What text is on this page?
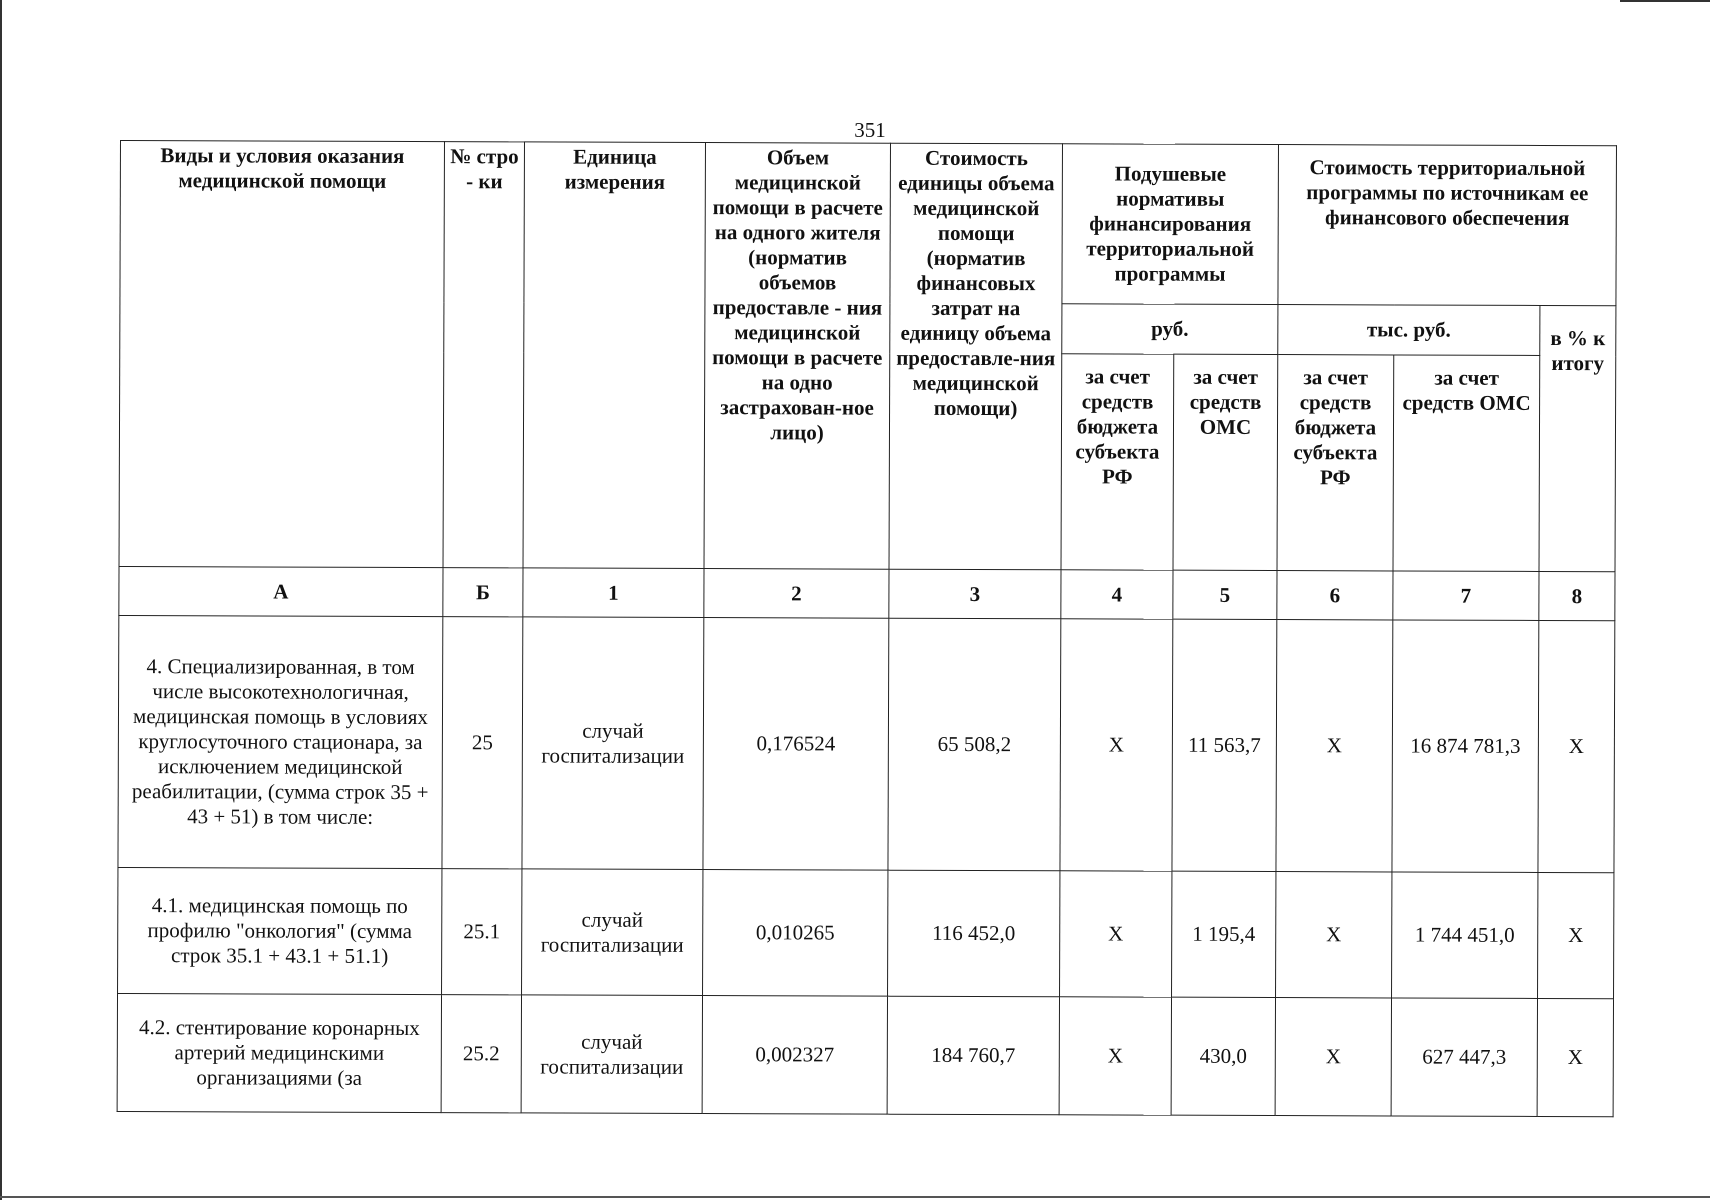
351
Виды и условия оказания медицинской помощи	№ стро - ки	Единица измерения	Объем медицинской помощи в расчете на одного жителя (норматив объемов предоставле - ния медицинской помощи в расчете на одно застрахован-ное лицо)	Стоимость единицы объема медицинской помощи (норматив финансовых затрат на единицу объема предоставле-ния медицинской помощи)	Подушевые нормативы финансирования территориальной программы		Стоимость территориальной программы по источникам ее финансового обеспечения		
					руб.		тыс. руб.		в % к итогу
					за счет средств бюджета субъекта РФ	за счет средств ОМС	за счет средств бюджета субъекта РФ	за счет средств ОМС	
А	Б	1	2	3	4	5	6	7	8
4. Специализированная, в том числе высокотехнологичная, медицинская помощь в условиях круглосуточного стационара, за исключением медицинской реабилитации, (сумма строк 35 + 43 + 51) в том числе:	25	случай госпитализации	0,176524	65 508,2	Х	11 563,7	Х	16 874 781,3	Х
4.1. медицинская помощь по профилю "онкология" (сумма строк 35.1 + 43.1 + 51.1)	25.1	случай госпитализации	0,010265	116 452,0	Х	1 195,4	Х	1 744 451,0	Х
4.2. стентирование коронарных артерий медицинскими организациями (за	25.2	случай госпитализации	0,002327	184 760,7	Х	430,0	Х	627 447,3	Х
